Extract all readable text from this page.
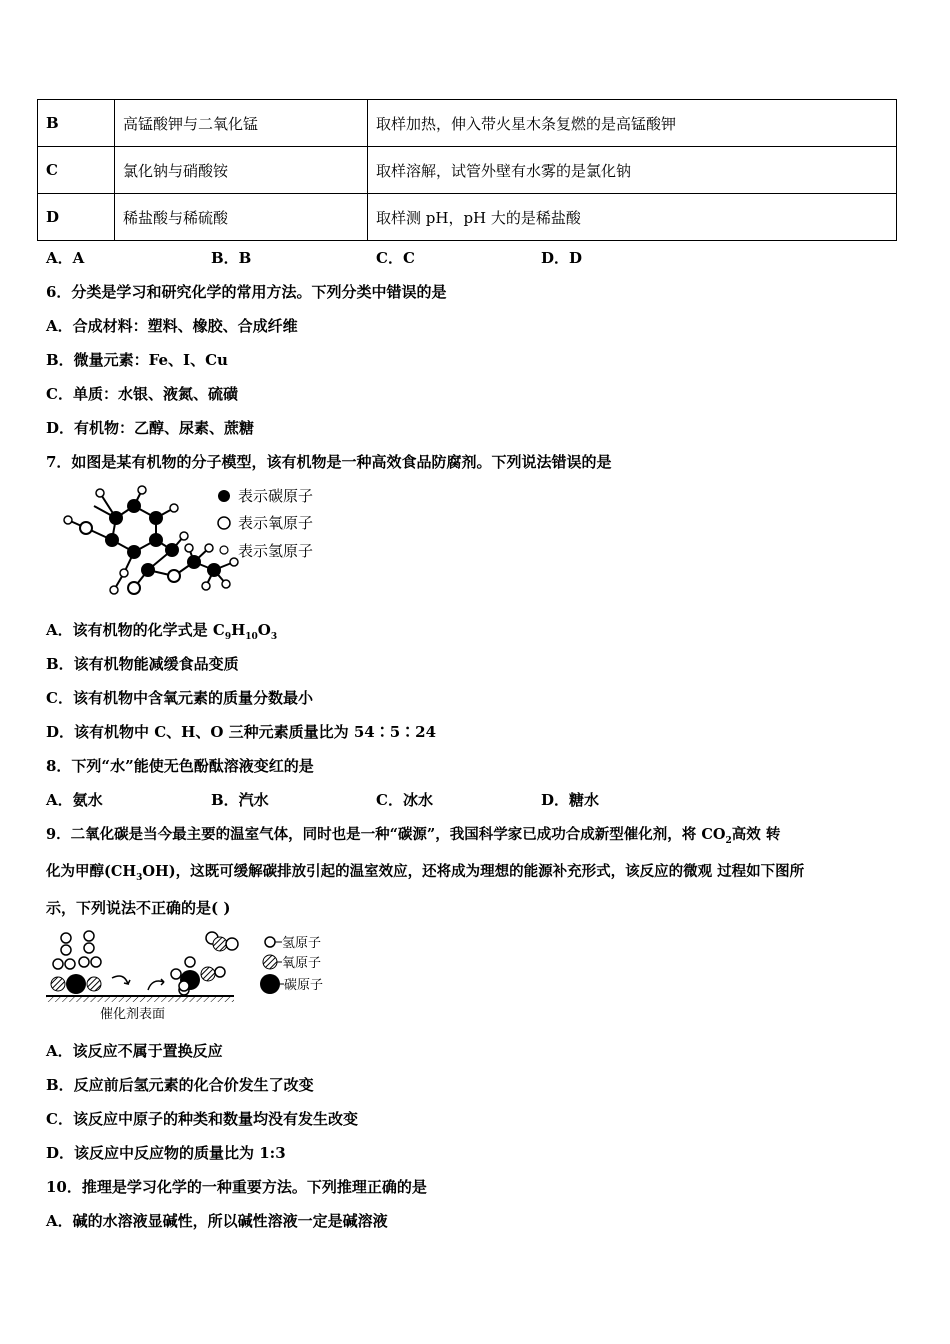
B	高锰酸钾与二氧化锰	取样加热，伸入带火星木条复燃的是高锰酸钾
C	氯化钠与硝酸铵	取样溶解，试管外壁有水雾的是氯化钠
D	稀盐酸与稀硫酸	取样测 pH，pH 大的是稀盐酸
A．A	B．B	C．C	D．D
6．分类是学习和研究化学的常用方法。下列分类中错误的是
A．合成材料：塑料、橡胶、合成纤维
B．微量元素：Fe、I、Cu
C．单质：水银、液氮、硫磺
D．有机物：乙醇、尿素、蔗糖
7．如图是某有机物的分子模型，该有机物是一种高效食品防腐剂。下列说法错误的是
表示碳原子
表示氧原子
表示氢原子
A．该有机物的化学式是 $C_9H_{10}O_3$
B．该有机物能减缓食品变质
C．该有机物中含氧元素的质量分数最小
D．该有机物中 C、H、O 三种元素质量比为 54∶5∶24
8．下列“水”能使无色酚酞溶液变红的是
A．氨水	B．汽水	C．冰水	D．糖水
9．二氧化碳是当今最主要的温室气体，同时也是一种“碳源”，我国科学家已成功合成新型催化剂，将 $CO_2$高效 转
化为甲醇$(CH_3OH)$，这既可缓解碳排放引起的温室效应，还将成为理想的能源补充形式，该反应的微观 过程如下图所
示，下列说法不正确的是( )
催化剂表面
氢原子
氧原子
碳原子
A．该反应不属于置换反应
B．反应前后氢元素的化合价发生了改变
C．该反应中原子的种类和数量均没有发生改变
D．该反应中反应物的质量比为 1:3
10．推理是学习化学的一种重要方法。下列推理正确的是
A．碱的水溶液显碱性，所以碱性溶液一定是碱溶液
